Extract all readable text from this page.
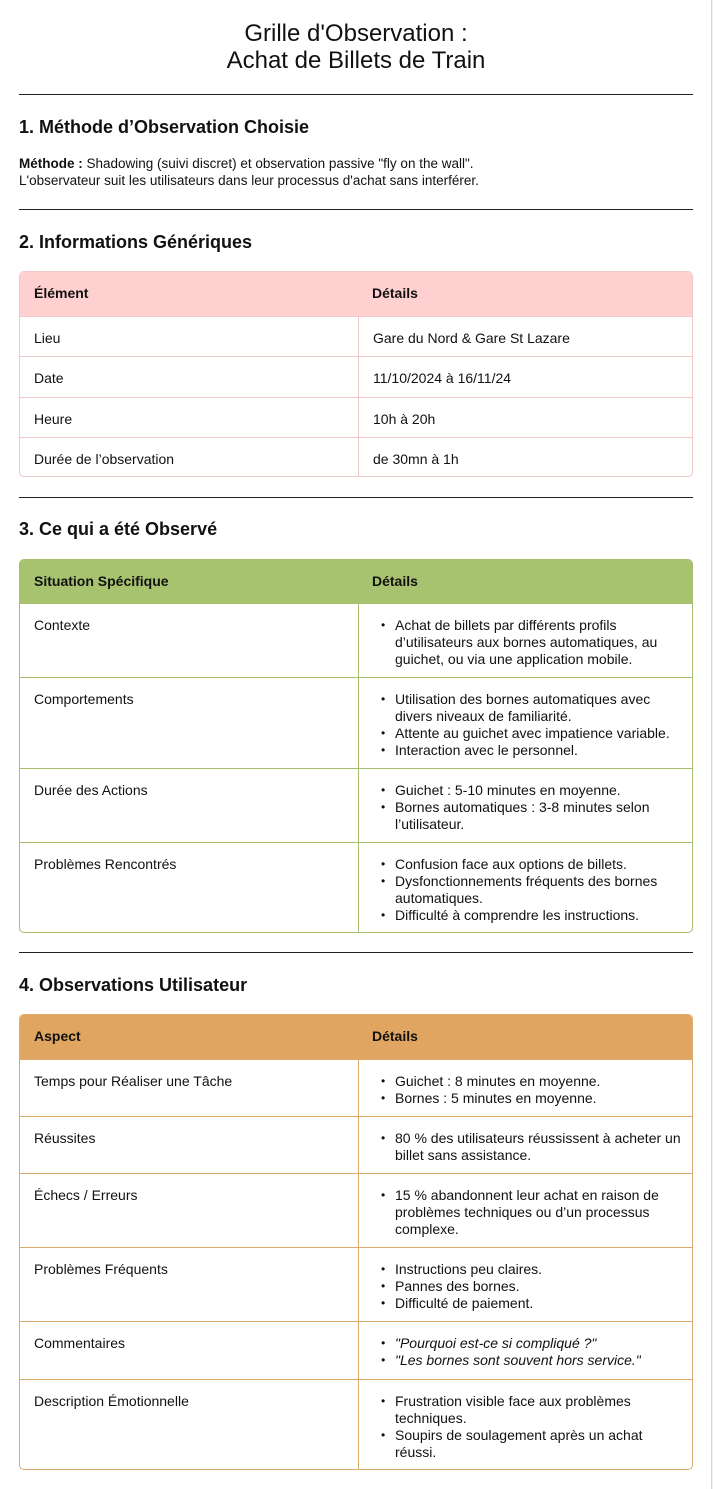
Grille d'Observation :
Achat de Billets de Train
1. Méthode d’Observation Choisie
Méthode : Shadowing (suivi discret) et observation passive "fly on the wall".
L'observateur suit les utilisateurs dans leur processus d'achat sans interférer.
2. Informations Génériques
Élément	Détails
Lieu	Gare du Nord & Gare St Lazare
Date	11/10/2024 à 16/11/24
Heure	10h à 20h
Durée de l’observation	de 30mn à 1h
3. Ce qui a été Observé
Situation Spécifique	Détails
Contexte	• Achat de billets par différents profils d’utilisateurs aux bornes automatiques, au guichet, ou via une application mobile.
Comportements	• Utilisation des bornes automatiques avec divers niveaux de familiarité.
• Attente au guichet avec impatience variable.
• Interaction avec le personnel.
Durée des Actions	• Guichet : 5-10 minutes en moyenne.
• Bornes automatiques : 3-8 minutes selon l’utilisateur.
Problèmes Rencontrés	• Confusion face aux options de billets.
• Dysfonctionnements fréquents des bornes automatiques.
• Difficulté à comprendre les instructions.
4. Observations Utilisateur
Aspect	Détails
Temps pour Réaliser une Tâche	• Guichet : 8 minutes en moyenne.
• Bornes : 5 minutes en moyenne.
Réussites	• 80 % des utilisateurs réussissent à acheter un billet sans assistance.
Échecs / Erreurs	• 15 % abandonnent leur achat en raison de problèmes techniques ou d’un processus complexe.
Problèmes Fréquents	• Instructions peu claires.
• Pannes des bornes.
• Difficulté de paiement.
Commentaires	• "Pourquoi est-ce si compliqué ?"
• "Les bornes sont souvent hors service."
Description Émotionnelle	• Frustration visible face aux problèmes techniques.
• Soupirs de soulagement après un achat réussi.
